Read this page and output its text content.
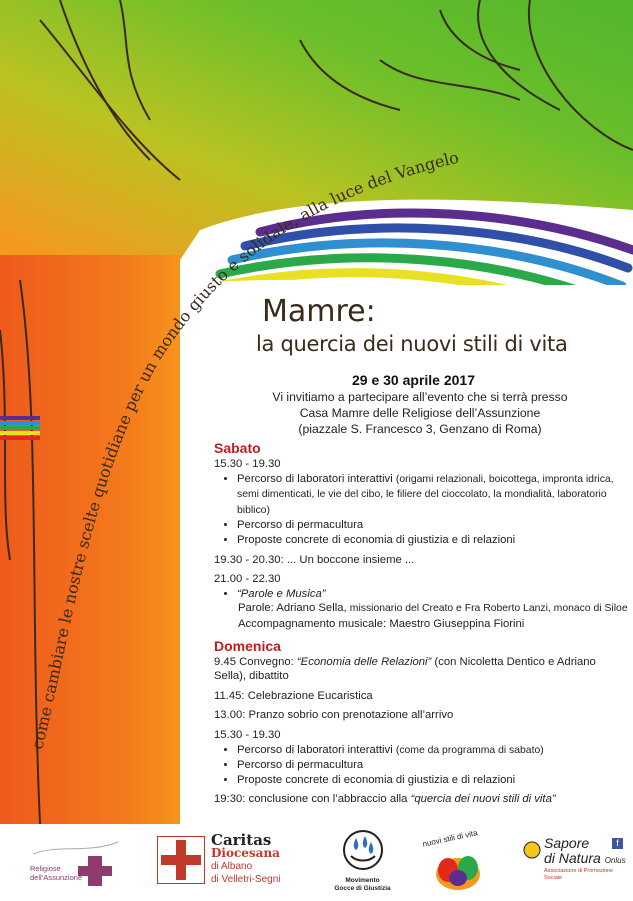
come cambiare le nostre scelte quotidiane per un mondo giusto e solidale, alla luce del Vangelo
Mamre:
la quercia dei nuovi stili di vita
29 e 30 aprile 2017
Vi invitiamo a partecipare all’evento che si terrà presso
Casa Mamre delle Religiose dell’Assunzione
(piazzale S. Francesco 3, Genzano di Roma)
Sabato
15.30 - 19.30
• Percorso di laboratori interattivi (origami relazionali, boicottega, impronta idrica, semi dimenticati, le vie del cibo, le filiere del cioccolato, la mondialità, laboratorio biblico)
• Percorso di permacultura
• Proposte concrete di economia di giustizia e di relazioni
19.30 - 20.30: ... Un boccone insieme ...
21.00 - 22.30
• “Parole e Musica”
Parole: Adriano Sella, missionario del Creato e Fra Roberto Lanzi, monaco di Siloe
Accompagnamento musicale: Maestro Giuseppina Fiorini
Domenica
9.45 Convegno: “Economia delle Relazioni” (con Nicoletta Dentico e Adriano Sella), dibattito
11.45: Celebrazione Eucaristica
13.00: Pranzo sobrio con prenotazione all’arrivo
15.30 - 19.30
• Percorso di laboratori interattivi (come da programma di sabato)
• Percorso di permacultura
• Proposte concrete di economia di giustizia e di relazioni
19:30: conclusione con l’abbraccio alla “quercia dei nuovi stili di vita”
Religiose
dell’Assunzione
Caritas
Diocesana
di Albano
di Velletri-Segni	Movimento
Gocce di Giustizia
nuovi stili di vita	f
Sapore
di Natura Onlus
Associazione di Promozione Sociale
